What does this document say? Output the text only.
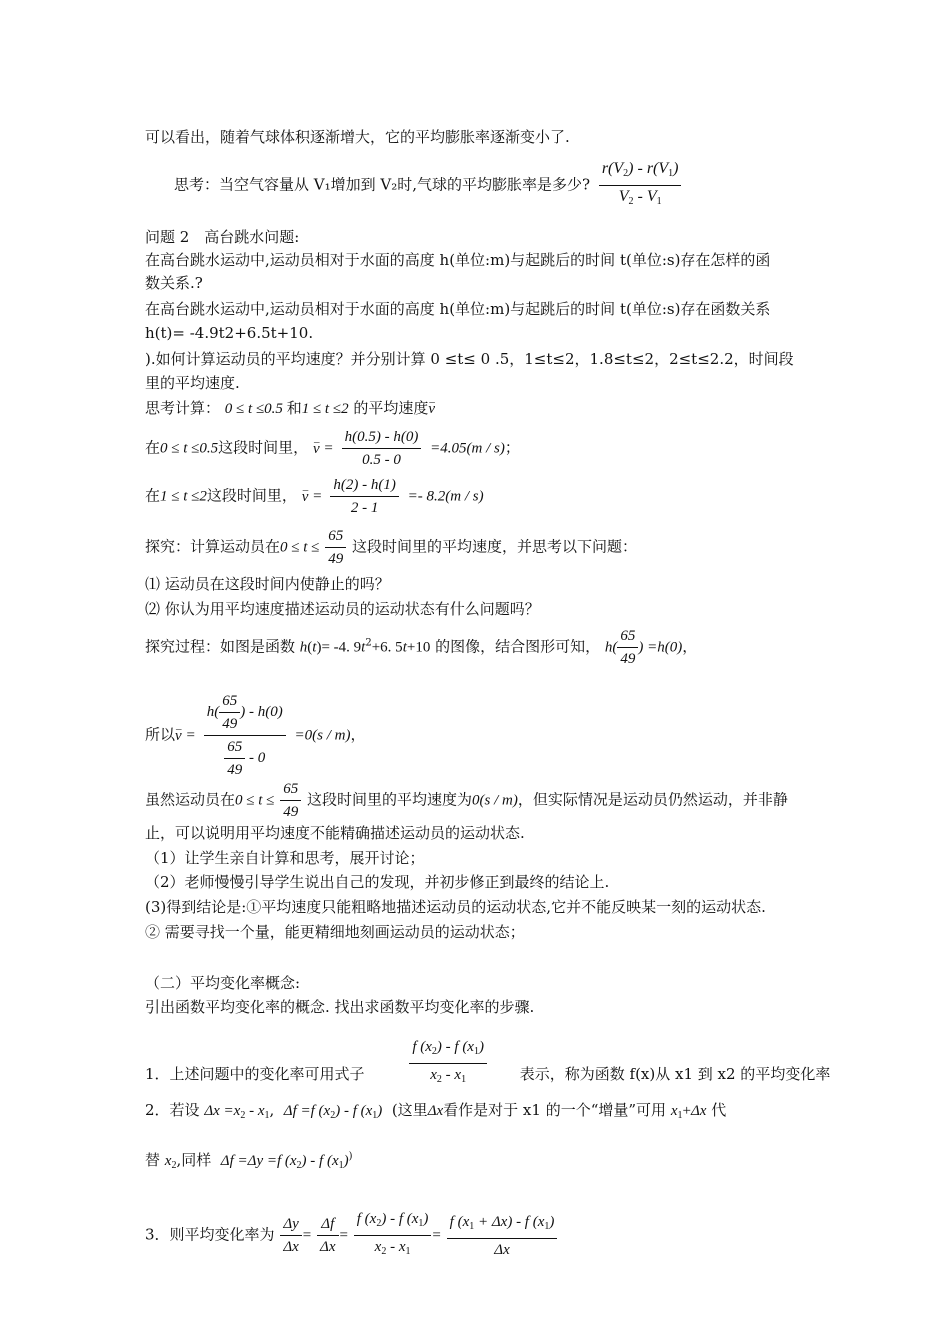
可以看出，随着气球体积逐渐增大，它的平均膨胀率逐渐变小了.
思考：当空气容量从 V₁增加到 V₂时,气球的平均膨胀率是多少? $\frac{r(V_2) - r(V_1)}{V_2 - V_1}$
问题 2　高台跳水问题:
在高台跳水运动中,运动员相对于水面的高度 h(单位:m)与起跳后的时间 t(单位:s)存在怎样的函
数关系.?
在高台跳水运动中,运动员相对于水面的高度 h(单位:m)与起跳后的时间 t(单位:s)存在函数关系
h(t)= -4.9t2+6.5t+10.
).如何计算运动员的平均速度？并分别计算 0 ≤t≤ 0 .5，1≤t≤2，1.8≤t≤2，2≤t≤2.2，时间段
里的平均速度.
思考计算： 0 ≤ t ≤0.5 和1 ≤ t ≤2 的平均速度– v
在0 ≤ t ≤0.5这段时间里， – $v = \frac{h(0.5) - h(0)}{0.5 - 0} =4.05(m / s)$；
在1 ≤ t ≤2这段时间里， – $v = \frac{h(2) - h(1)}{2 - 1} =- 8.2(m / s)$
探究：计算运动员在$0 \le t \le \frac{65}{49}$ 这段时间里的平均速度，并思考以下问题：
⑴ 运动员在这段时间内使静止的吗？
⑵ 你认为用平均速度描述运动员的运动状态有什么问题吗？
探究过程：如图是函数 h(t)= -4. $9t^2+6$. 5t+10 的图像，结合图形可知， $h( \frac{65}{49}$ ) =h(0)，
所以– $v = \frac{h( \frac{65}{49} ) - h(0)}{\frac{65}{49} - 0} =0(s / m)$，
虽然运动员在$0 \le t \le \frac{65}{49}$ 这段时间里的平均速度为0(s / m)，但实际情况是运动员仍然运动，并非静
止，可以说明用平均速度不能精确描述运动员的运动状态.
（1）让学生亲自计算和思考，展开讨论；
（2）老师慢慢引导学生说出自己的发现，并初步修正到最终的结论上.
(3)得到结论是:①平均速度只能粗略地描述运动员的运动状态,它并不能反映某一刻的运动状态.
② 需要寻找一个量，能更精细地刻画运动员的运动状态；
（二）平均变化率概念:
引出函数平均变化率的概念. 找出求函数平均变化率的步骤.
1．上述问题中的变化率可用式子	$\frac{f (x_2) - f (x_1)}{x_2 - x_1}$ 表示，称为函数 f(x)从 x1 到 x2 的平均变化率
2．若设 $\Delta x =x_2 - x_1$,  Δf =f $(x_2)$ - f $(x_1)$ (这里Δx看作是对于 x1 的一个“增量”可用 $x_1+\Delta x$ 代
替 $x_2$,同样 Δf =Δy =f $(x_2)$ - f $(x_1)^)$
3．则平均变化率为 $\frac{\Delta y}{\Delta x} = \frac{\Delta f}{\Delta x} = \frac{f (x_2) - f (x_1)}{x_2 - x_1} = \frac{f (x_1 + \Delta x) - f (x_1)}{\Delta x}$
